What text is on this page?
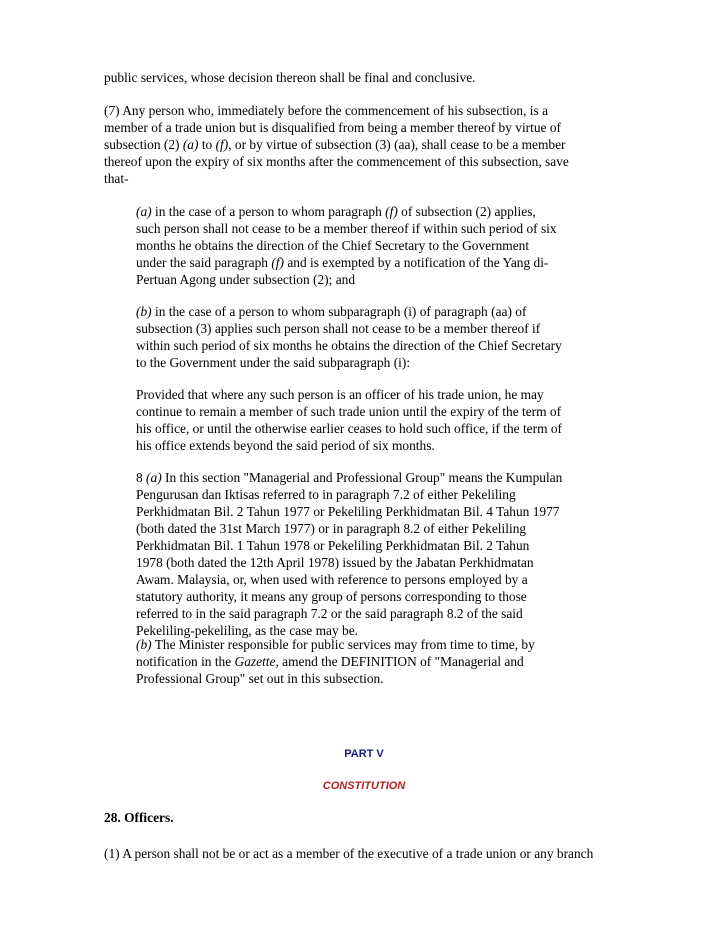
public services, whose decision thereon shall be final and conclusive.

(7) Any person who, immediately before the commencement of his subsection, is a
member of a trade union but is disqualified from being a member thereof by virtue of
subsection (2) (a) to (f), or by virtue of subsection (3) (aa), shall cease to be a member
thereof upon the expiry of six months after the commencement of this subsection, save
that-

(a) in the case of a person to whom paragraph (f) of subsection (2) applies,
such person shall not cease to be a member thereof if within such period of six
months he obtains the direction of the Chief Secretary to the Government
under the said paragraph (f) and is exempted by a notification of the Yang di-
Pertuan Agong under subsection (2); and

(b) in the case of a person to whom subparagraph (i) of paragraph (aa) of
subsection (3) applies such person shall not cease to be a member thereof if
within such period of six months he obtains the direction of the Chief Secretary
to the Government under the said subparagraph (i):

Provided that where any such person is an officer of his trade union, he may
continue to remain a member of such trade union until the expiry of the term of
his office, or until the otherwise earlier ceases to hold such office, if the term of
his office extends beyond the said period of six months.

8 (a) In this section "Managerial and Professional Group" means the Kumpulan
Pengurusan dan Iktisas referred to in paragraph 7.2 of either Pekeliling
Perkhidmatan Bil. 2 Tahun 1977 or Pekeliling Perkhidmatan Bil. 4 Tahun 1977
(both dated the 31st March 1977) or in paragraph 8.2 of either Pekeliling
Perkhidmatan Bil. 1 Tahun 1978 or Pekeliling Perkhidmatan Bil. 2 Tahun
1978 (both dated the 12th April 1978) issued by the Jabatan Perkhidmatan
Awam. Malaysia, or, when used with reference to persons employed by a
statutory authority, it means any group of persons corresponding to those
referred to in the said paragraph 7.2 or the said paragraph 8.2 of the said
Pekeliling-pekeliling, as the case may be.

(b) The Minister responsible for public services may from time to time, by
notification in the Gazette, amend the DEFINITION of "Managerial and
Professional Group" set out in this subsection.

PART V
CONSTITUTION
28. Officers.

(1) A person shall not be or act as a member of the executive of a trade union or any branch
